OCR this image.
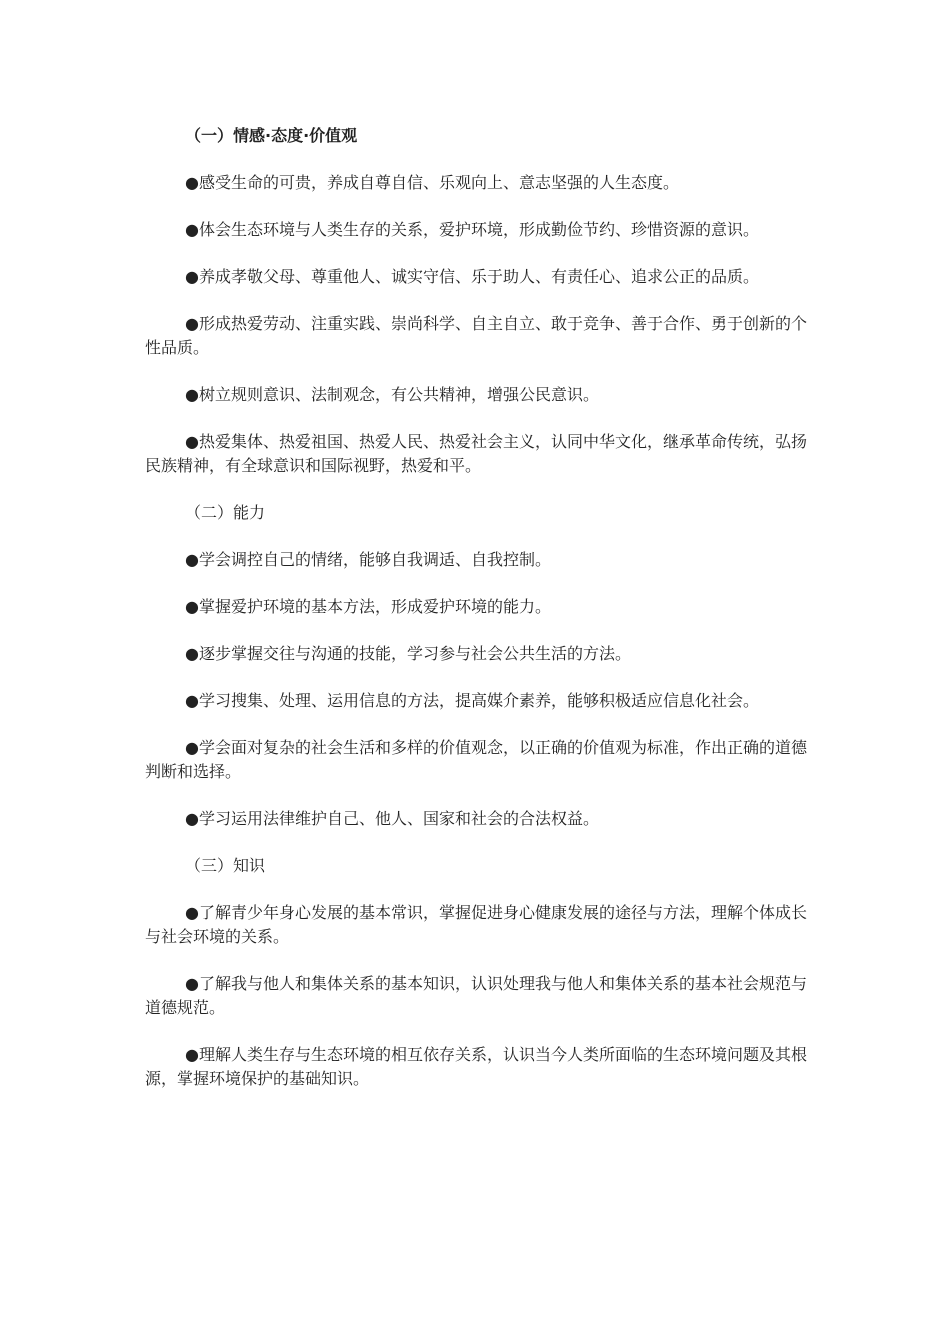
（一）情感·态度·价值观

●感受生命的可贵，养成自尊自信、乐观向上、意志坚强的人生态度。

●体会生态环境与人类生存的关系，爱护环境，形成勤俭节约、珍惜资源的意识。

●养成孝敬父母、尊重他人、诚实守信、乐于助人、有责任心、追求公正的品质。

●形成热爱劳动、注重实践、崇尚科学、自主自立、敢于竞争、善于合作、勇于创新的个性品质。

●树立规则意识、法制观念，有公共精神，增强公民意识。

●热爱集体、热爱祖国、热爱人民、热爱社会主义，认同中华文化，继承革命传统，弘扬民族精神，有全球意识和国际视野，热爱和平。

（二）能力

●学会调控自己的情绪，能够自我调适、自我控制。

●掌握爱护环境的基本方法，形成爱护环境的能力。

●逐步掌握交往与沟通的技能，学习参与社会公共生活的方法。

●学习搜集、处理、运用信息的方法，提高媒介素养，能够积极适应信息化社会。

●学会面对复杂的社会生活和多样的价值观念，以正确的价值观为标准，作出正确的道德判断和选择。

●学习运用法律维护自己、他人、国家和社会的合法权益。

（三）知识

●了解青少年身心发展的基本常识，掌握促进身心健康发展的途径与方法，理解个体成长与社会环境的关系。

●了解我与他人和集体关系的基本知识，认识处理我与他人和集体关系的基本社会规范与道德规范。

●理解人类生存与生态环境的相互依存关系，认识当今人类所面临的生态环境问题及其根源，掌握环境保护的基础知识。
